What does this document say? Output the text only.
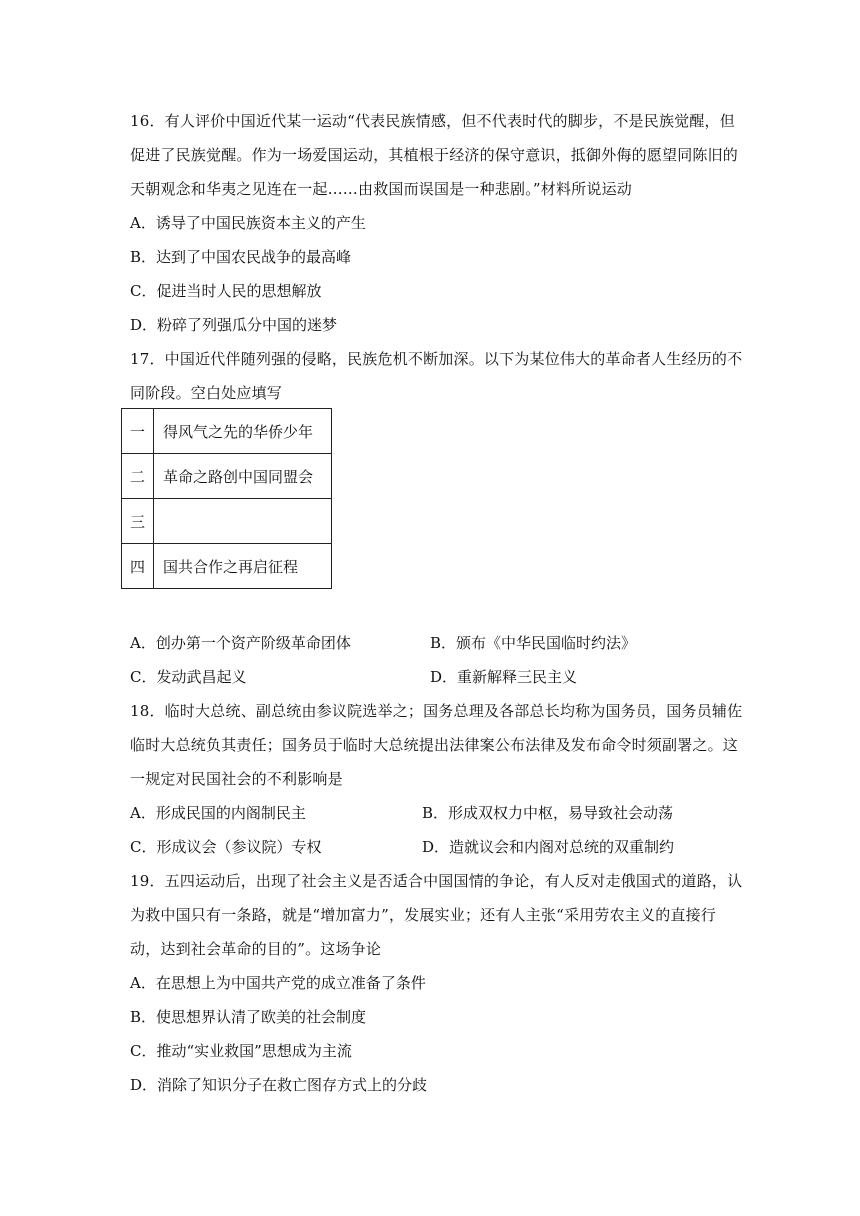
16．有人评价中国近代某一运动“代表民族情感，但不代表时代的脚步，不是民族觉醒，但
促进了民族觉醒。作为一场爱国运动，其植根于经济的保守意识，抵御外侮的愿望同陈旧的
天朝观念和华夷之见连在一起……由救国而误国是一种悲剧。”材料所说运动
A．诱导了中国民族资本主义的产生
B．达到了中国农民战争的最高峰
C．促进当时人民的思想解放
D．粉碎了列强瓜分中国的迷梦
17．中国近代伴随列强的侵略，民族危机不断加深。以下为某位伟大的革命者人生经历的不
同阶段。空白处应填写
一	得风气之先的华侨少年
二	革命之路创中国同盟会
三	
四	国共合作之再启征程
A．创办第一个资产阶级革命团体	B．颁布《中华民国临时约法》
C．发动武昌起义	D．重新解释三民主义
18．临时大总统、副总统由参议院选举之；国务总理及各部总长均称为国务员，国务员辅佐
临时大总统负其责任；国务员于临时大总统提出法律案公布法律及发布命令时须副署之。这
一规定对民国社会的不利影响是
A．形成民国的内阁制民主	B．形成双权力中枢，易导致社会动荡
C．形成议会（参议院）专权	D．造就议会和内阁对总统的双重制约
19．五四运动后，出现了社会主义是否适合中国国情的争论，有人反对走俄国式的道路，认
为救中国只有一条路，就是“增加富力”，发展实业；还有人主张“采用劳农主义的直接行
动，达到社会革命的目的”。这场争论
A．在思想上为中国共产党的成立准备了条件
B．使思想界认清了欧美的社会制度
C．推动“实业救国”思想成为主流
D．消除了知识分子在救亡图存方式上的分歧
